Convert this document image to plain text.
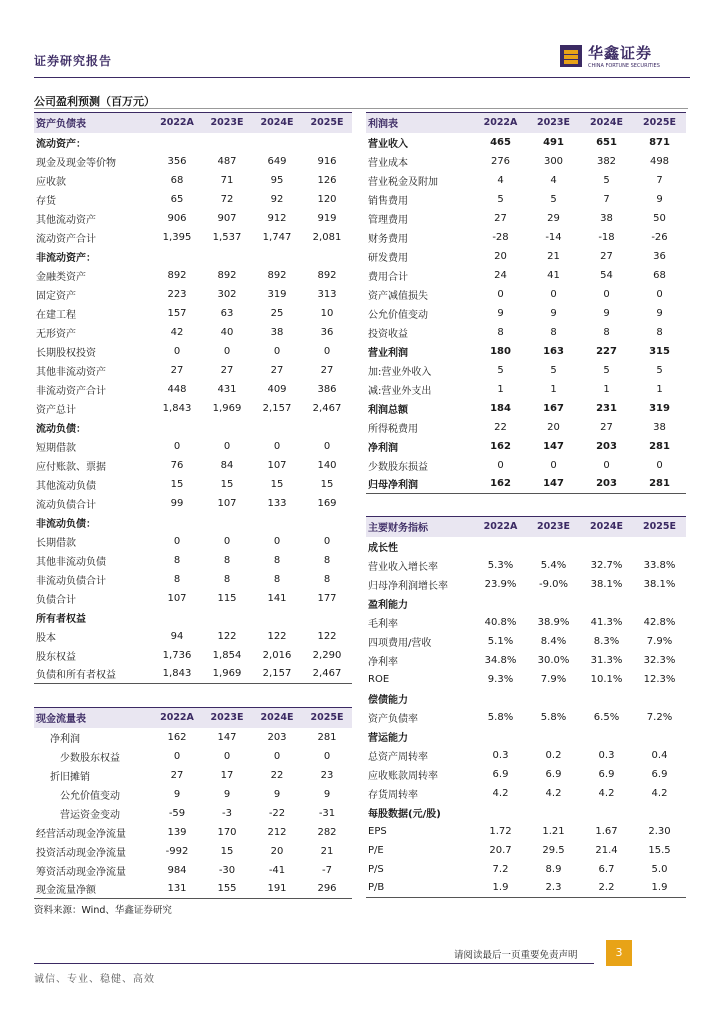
证券研究报告	华鑫证券
CHINA FORTUNE SECURITIES
公司盈利预测（百万元）
资产负债表	2022A	2023E	2024E	2025E
流动资产：				
现金及现金等价物	356	487	649	916
应收款	68	71	95	126
存货	65	72	92	120
其他流动资产	906	907	912	919
流动资产合计	1,395	1,537	1,747	2,081
非流动资产：				
金融类资产	892	892	892	892
固定资产	223	302	319	313
在建工程	157	63	25	10
无形资产	42	40	38	36
长期股权投资	0	0	0	0
其他非流动资产	27	27	27	27
非流动资产合计	448	431	409	386
资产总计	1,843	1,969	2,157	2,467
流动负债：				
短期借款	0	0	0	0
应付账款、票据	76	84	107	140
其他流动负债	15	15	15	15
流动负债合计	99	107	133	169
非流动负债：				
长期借款	0	0	0	0
其他非流动负债	8	8	8	8
非流动负债合计	8	8	8	8
负债合计	107	115	141	177
所有者权益				
股本	94	122	122	122
股东权益	1,736	1,854	2,016	2,290
负债和所有者权益	1,843	1,969	2,157	2,467
利润表	2022A	2023E	2024E	2025E
营业收入	465	491	651	871
营业成本	276	300	382	498
营业税金及附加	4	4	5	7
销售费用	5	5	7	9
管理费用	27	29	38	50
财务费用	-28	-14	-18	-26
研发费用	20	21	27	36
费用合计	24	41	54	68
资产减值损失	0	0	0	0
公允价值变动	9	9	9	9
投资收益	8	8	8	8
营业利润	180	163	227	315
加:营业外收入	5	5	5	5
减:营业外支出	1	1	1	1
利润总额	184	167	231	319
所得税费用	22	20	27	38
净利润	162	147	203	281
少数股东损益	0	0	0	0
归母净利润	162	147	203	281
主要财务指标	2022A	2023E	2024E	2025E
成长性				
营业收入增长率	5.3%	5.4%	32.7%	33.8%
归母净利润增长率	23.9%	-9.0%	38.1%	38.1%
盈利能力				
毛利率	40.8%	38.9%	41.3%	42.8%
四项费用/营收	5.1%	8.4%	8.3%	7.9%
净利率	34.8%	30.0%	31.3%	32.3%
ROE	9.3%	7.9%	10.1%	12.3%
偿债能力				
资产负债率	5.8%	5.8%	6.5%	7.2%
营运能力				
总资产周转率	0.3	0.2	0.3	0.4
应收账款周转率	6.9	6.9	6.9	6.9
存货周转率	4.2	4.2	4.2	4.2
每股数据(元/股)				
EPS	1.72	1.21	1.67	2.30
P/E	20.7	29.5	21.4	15.5
P/S	7.2	8.9	6.7	5.0
P/B	1.9	2.3	2.2	1.9
现金流量表	2022A	2023E	2024E	2025E
净利润	162	147	203	281
少数股东权益	0	0	0	0
折旧摊销	27	17	22	23
公允价值变动	9	9	9	9
营运资金变动	-59	-3	-22	-31
经营活动现金净流量	139	170	212	282
投资活动现金净流量	-992	15	20	21
筹资活动现金净流量	984	-30	-41	-7
现金流量净额	131	155	191	296
资料来源：Wind、华鑫证券研究
请阅读最后一页重要免责声明	3
诚信、专业、稳健、高效
